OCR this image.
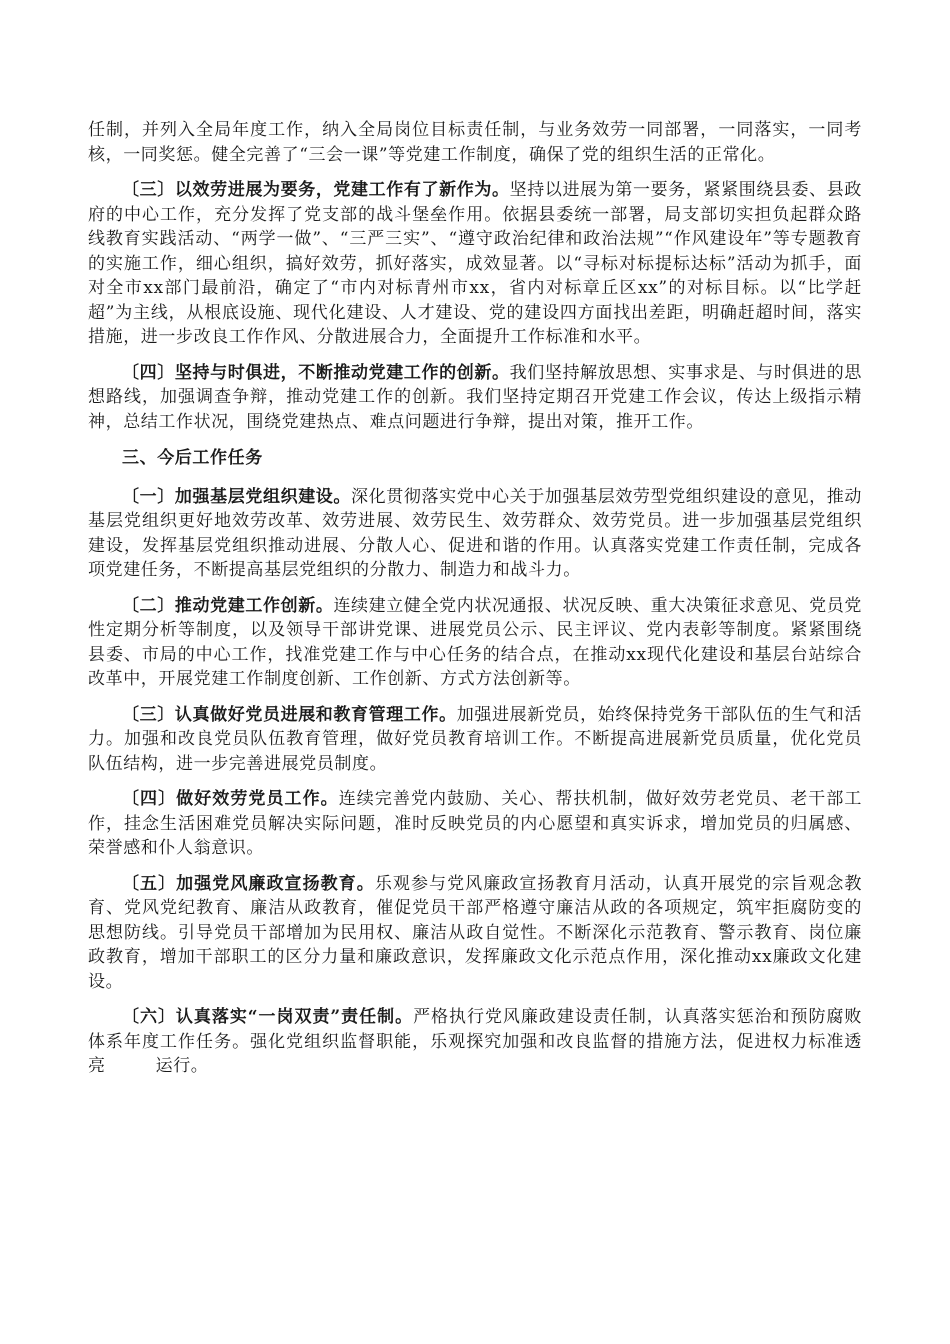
任制，并列入全局年度工作，纳入全局岗位目标责任制，与业务效劳一同部署，一同落实，一同考核，一同奖惩。健全完善了“三会一课”等党建工作制度，确保了党的组织生活的正常化。

〔三〕以效劳进展为要务，党建工作有了新作为。坚持以进展为第一要务，紧紧围绕县委、县政府的中心工作，充分发挥了党支部的战斗堡垒作用。依据县委统一部署，局支部切实担负起群众路线教育实践活动、“两学一做”、“三严三实”、“遵守政治纪律和政治法规”“作风建设年”等专题教育的实施工作，细心组织，搞好效劳，抓好落实，成效显著。以“寻标对标提标达标”活动为抓手，面对全市xx部门最前沿，确定了“市内对标青州市xx，省内对标章丘区xx”的对标目标。以“比学赶超”为主线，从根底设施、现代化建设、人才建设、党的建设四方面找出差距，明确赶超时间，落实措施，进一步改良工作作风、分散进展合力，全面提升工作标准和水平。

〔四〕坚持与时俱进，不断推动党建工作的创新。我们坚持解放思想、实事求是、与时俱进的思想路线，加强调查争辩，推动党建工作的创新。我们坚持定期召开党建工作会议，传达上级指示精神，总结工作状况，围绕党建热点、难点问题进行争辩，提出对策，推开工作。

三、今后工作任务

〔一〕加强基层党组织建设。深化贯彻落实党中心关于加强基层效劳型党组织建设的意见，推动基层党组织更好地效劳改革、效劳进展、效劳民生、效劳群众、效劳党员。进一步加强基层党组织建设，发挥基层党组织推动进展、分散人心、促进和谐的作用。认真落实党建工作责任制，完成各项党建任务，不断提高基层党组织的分散力、制造力和战斗力。

〔二〕推动党建工作创新。连续建立健全党内状况通报、状况反映、重大决策征求意见、党员党性定期分析等制度，以及领导干部讲党课、进展党员公示、民主评议、党内表彰等制度。紧紧围绕县委、市局的中心工作，找准党建工作与中心任务的结合点，在推动xx现代化建设和基层台站综合改革中，开展党建工作制度创新、工作创新、方式方法创新等。

〔三〕认真做好党员进展和教育管理工作。加强进展新党员，始终保持党务干部队伍的生气和活力。加强和改良党员队伍教育管理，做好党员教育培训工作。不断提高进展新党员质量，优化党员队伍结构，进一步完善进展党员制度。

〔四〕做好效劳党员工作。连续完善党内鼓励、关心、帮扶机制，做好效劳老党员、老干部工作，挂念生活困难党员解决实际问题，准时反映党员的内心愿望和真实诉求，增加党员的归属感、荣誉感和仆人翁意识。

〔五〕加强党风廉政宣扬教育。乐观参与党风廉政宣扬教育月活动，认真开展党的宗旨观念教育、党风党纪教育、廉洁从政教育，催促党员干部严格遵守廉洁从政的各项规定，筑牢拒腐防变的思想防线。引导党员干部增加为民用权、廉洁从政自觉性。不断深化示范教育、警示教育、岗位廉政教育，增加干部职工的区分力量和廉政意识，发挥廉政文化示范点作用，深化推动xx廉政文化建设。

〔六〕认真落实“一岗双责”责任制。严格执行党风廉政建设责任制，认真落实惩治和预防腐败体系年度工作任务。强化党组织监督职能，乐观探究加强和改良监督的措施方法，促进权力标准透亮	运行。
